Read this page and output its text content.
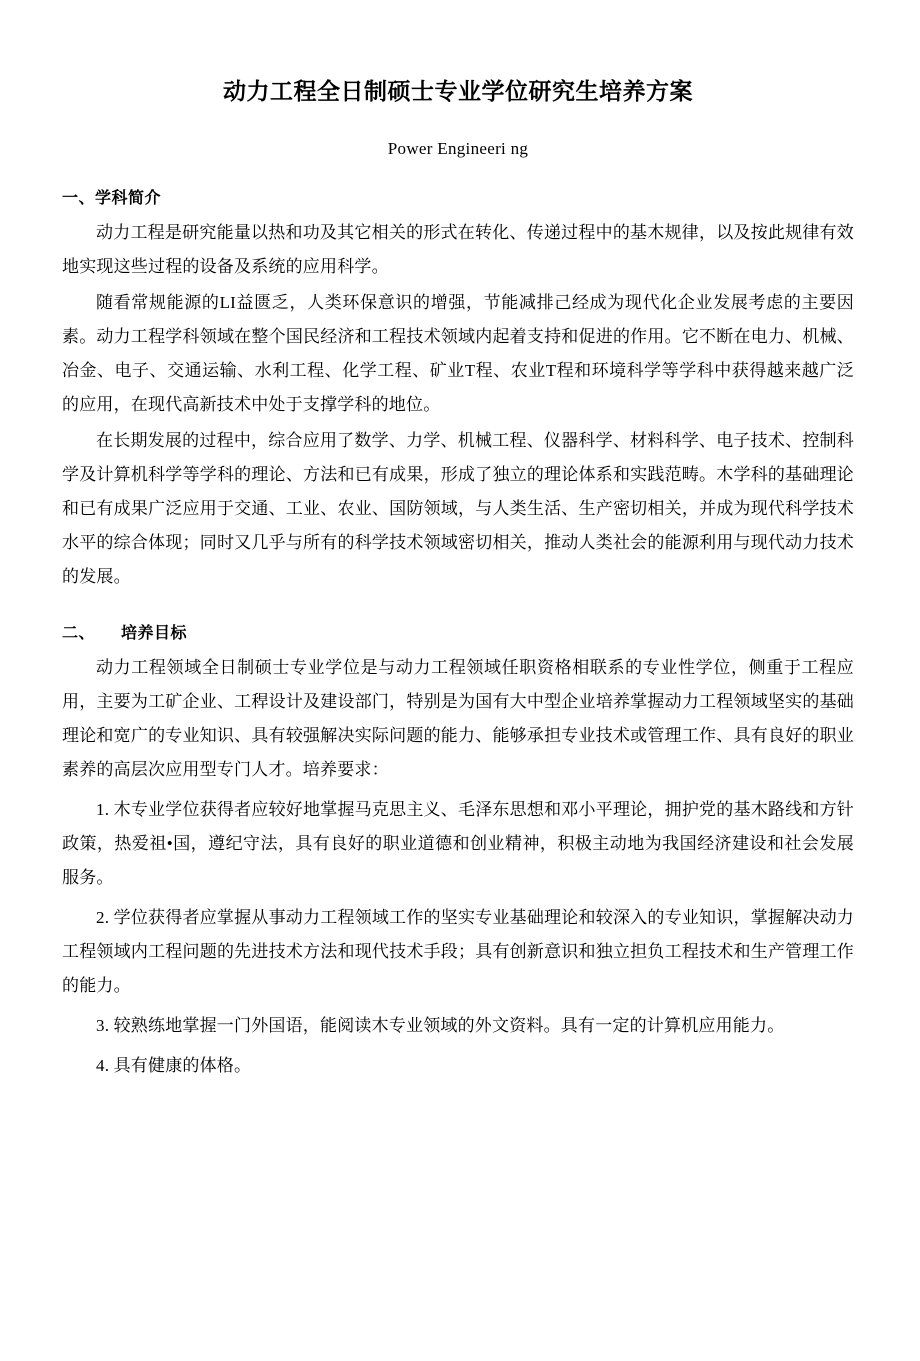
动力工程全日制硕士专业学位研究生培养方案
Power Engineeri ng
一、学科简介

动力工程是研究能量以热和功及其它相关的形式在转化、传递过程中的基木规律，以及按此规律有效地实现这些过程的设备及系统的应用科学。

随看常规能源的LI益匮乏，人类环保意识的增强，节能减排己经成为现代化企业发展考虑的主要因素。动力工程学科领域在整个国民经济和工程技术领域内起着支持和促进的作用。它不断在电力、机械、冶金、电子、交通运输、水利工程、化学工程、矿业T程、农业T程和环境科学等学科中获得越来越广泛的应用，在现代高新技术中处于支撑学科的地位。

在长期发展的过程中，综合应用了数学、力学、机械工程、仪器科学、材料科学、电子技术、控制科学及计算机科学等学科的理论、方法和已有成果，形成了独立的理论体系和实践范畴。木学科的基础理论和已有成果广泛应用于交通、工业、农业、国防领域，与人类生活、生产密切相关，并成为现代科学技术水平的综合体现；同时又几乎与所有的科学技术领域密切相关，推动人类社会的能源利用与现代动力技术的发展。

二、 培养目标

动力工程领域全日制硕士专业学位是与动力工程领域任职资格相联系的专业性学位，侧重于工程应用，主要为工矿企业、工稈设计及建设部门，特别是为国有大中型企业培养掌握动力工程领域坚实的基础理论和宽广的专业知识、具有较强解决实际问题的能力、能够承担专业技术或管理工作、具有良好的职业素养的高层次应用型专门人才。培养要求：

1. 木专业学位获得者应较好地掌握马克思主义、毛泽东思想和邓小平理论，拥护党的基木路线和方针政策，热爱祖•国，遵纪守法，具有良好的职业道德和创业精神，积极主动地为我国经济建设和社会发展服务。

2. 学位获得者应掌握从事动力工程领域工作的坚实专业基础理论和较深入的专业知识，掌握解决动力工程领域内工程问题的先进技术方法和现代技术手段；具有创新意识和独立担负工程技术和生产管理工作的能力。

3. 较熟练地掌握一门外国语，能阅读木专业领域的外文资料。具有一定的计算机应用能力。

4. 具有健康的体格。
